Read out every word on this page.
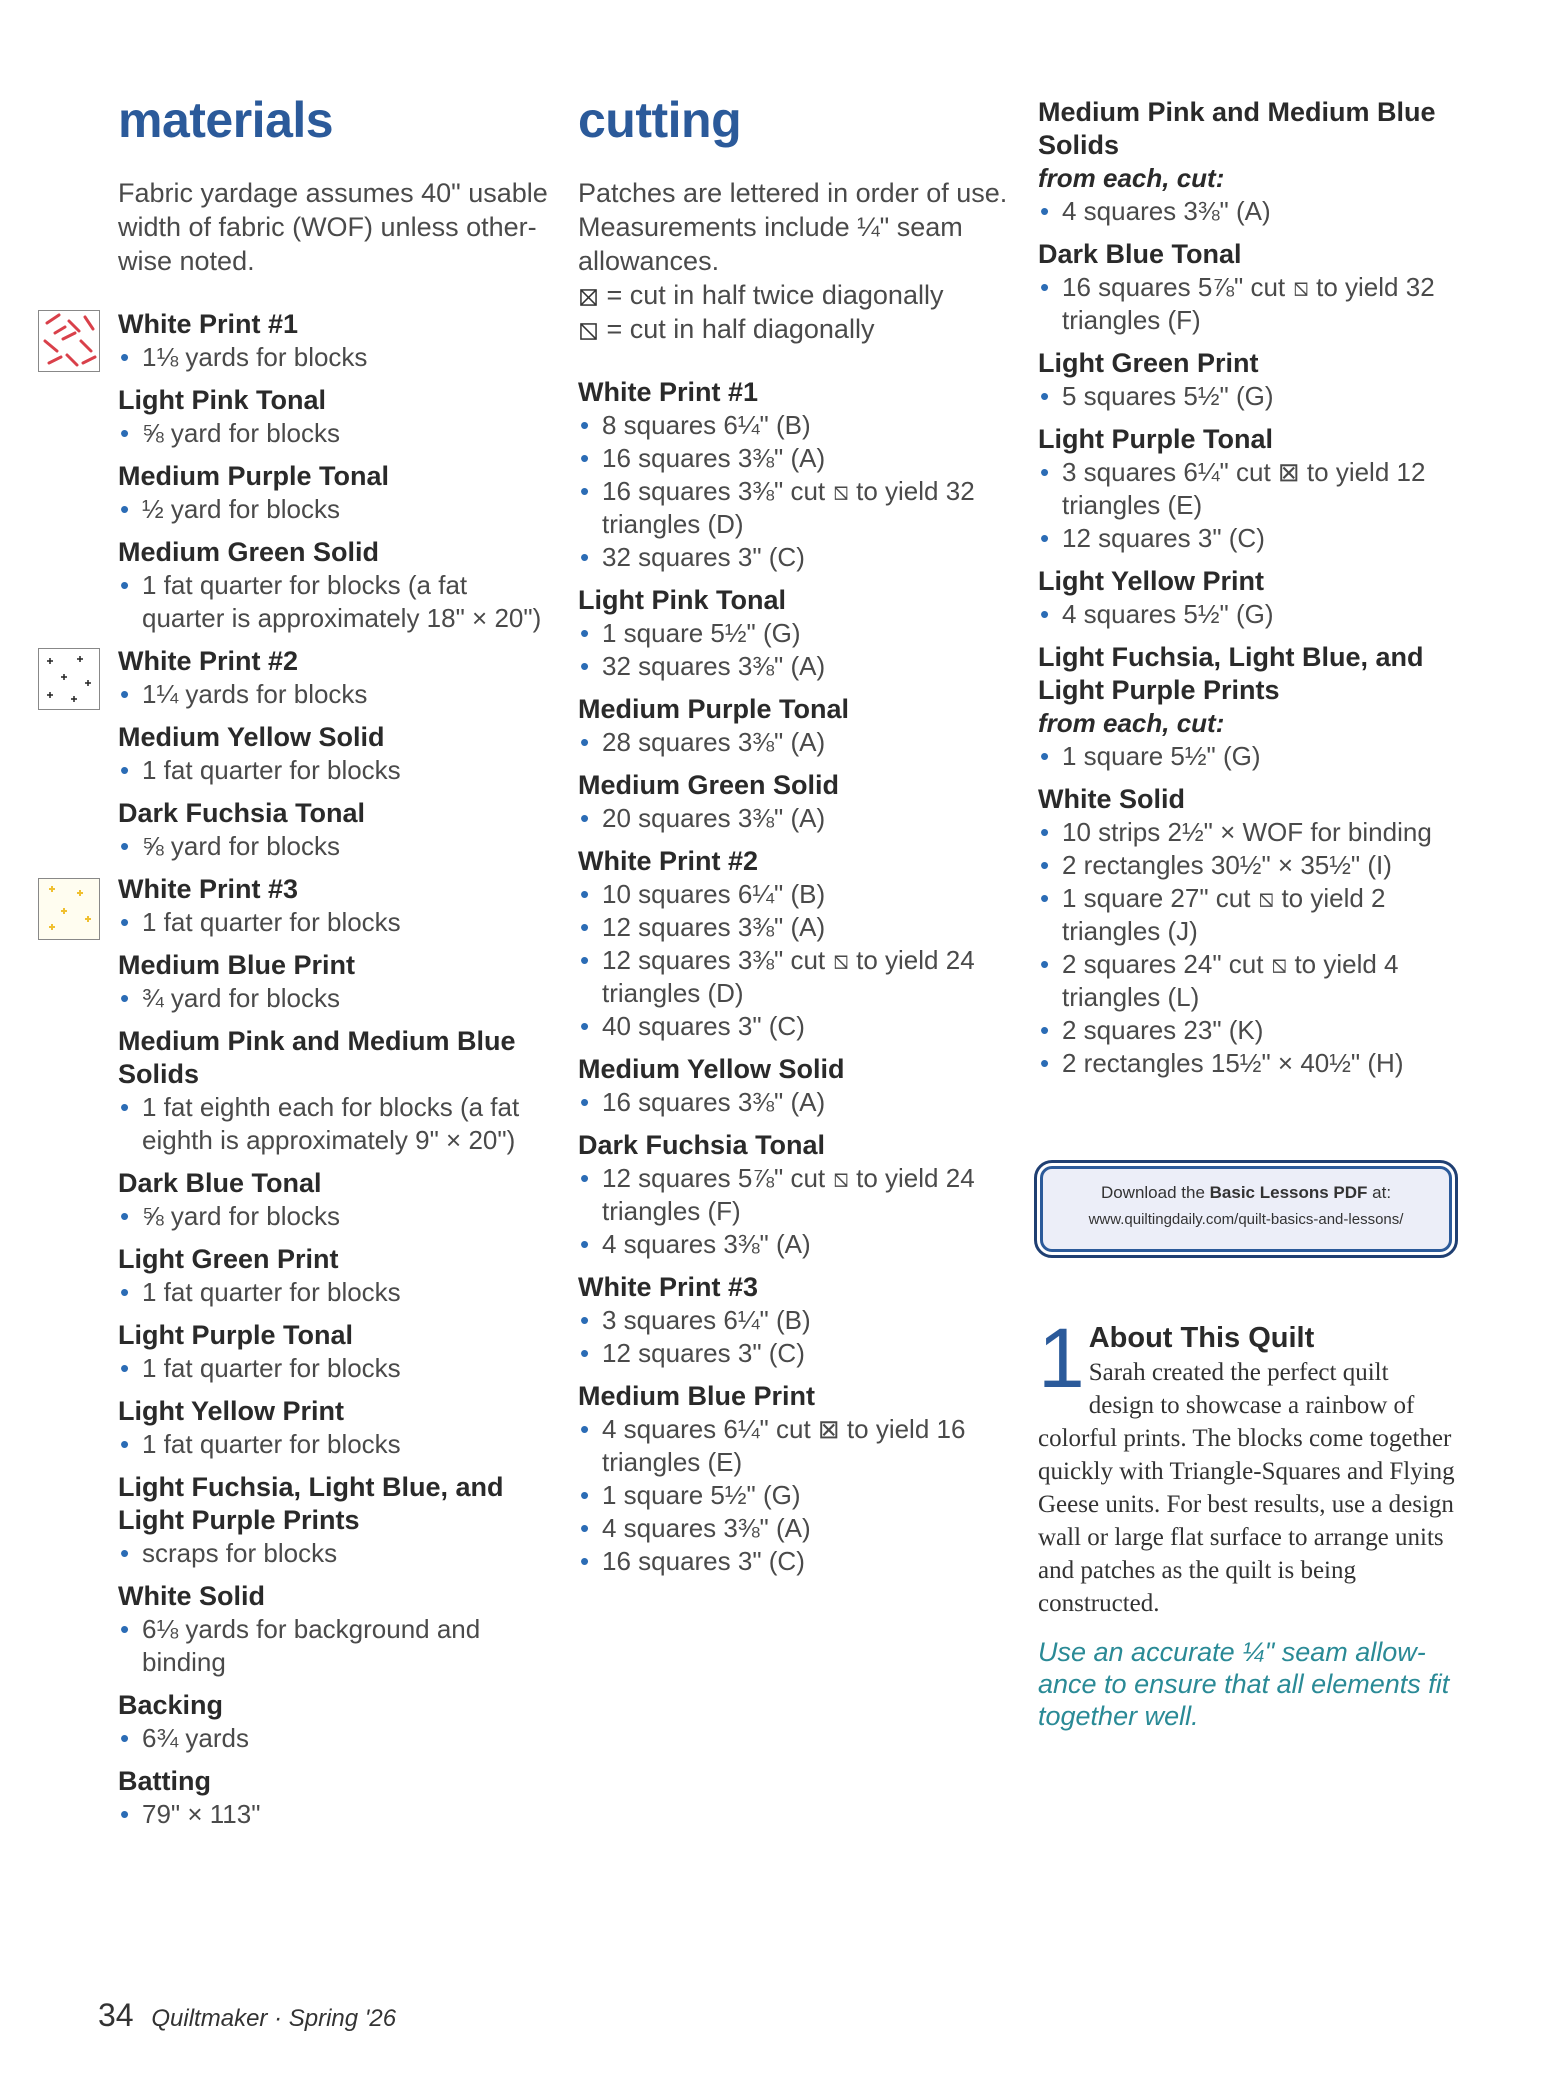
materials

Fabric yardage assumes 40" usable width of fabric (WOF) unless other-wise noted.

White Print #1
• 1⅛ yards for blocks
Light Pink Tonal
• ⅝ yard for blocks
Medium Purple Tonal
• ½ yard for blocks
Medium Green Solid
• 1 fat quarter for blocks (a fat quarter is approximately 18" × 20")
White Print #2
• 1¼ yards for blocks
Medium Yellow Solid
• 1 fat quarter for blocks
Dark Fuchsia Tonal
• ⅝ yard for blocks
White Print #3
• 1 fat quarter for blocks
Medium Blue Print
• ¾ yard for blocks
Medium Pink and Medium Blue Solids
• 1 fat eighth each for blocks (a fat eighth is approximately 9" × 20")
Dark Blue Tonal
• ⅝ yard for blocks
Light Green Print
• 1 fat quarter for blocks
Light Purple Tonal
• 1 fat quarter for blocks
Light Yellow Print
• 1 fat quarter for blocks
Light Fuchsia, Light Blue, and Light Purple Prints
• scraps for blocks
White Solid
• 6⅛ yards for background and binding
Backing
• 6¾ yards
Batting
• 79" × 113"
cutting

Patches are lettered in order of use. Measurements include ¼" seam allowances.

= cut in half twice diagonally

= cut in half diagonally

White Print #1
• 8 squares 6¼" (B)
• 16 squares 3⅜" (A)
• 16 squares 3⅜" cut ⧅ to yield 32 triangles (D)
• 32 squares 3" (C)
Light Pink Tonal
• 1 square 5½" (G)
• 32 squares 3⅜" (A)
Medium Purple Tonal
• 28 squares 3⅜" (A)
Medium Green Solid
• 20 squares 3⅜" (A)
White Print #2
• 10 squares 6¼" (B)
• 12 squares 3⅜" (A)
• 12 squares 3⅜" cut ⧅ to yield 24 triangles (D)
• 40 squares 3" (C)
Medium Yellow Solid
• 16 squares 3⅜" (A)
Dark Fuchsia Tonal
• 12 squares 5⅞" cut ⧅ to yield 24 triangles (F)
• 4 squares 3⅜" (A)
White Print #3
• 3 squares 6¼" (B)
• 12 squares 3" (C)
Medium Blue Print
• 4 squares 6¼" cut ⊠ to yield 16 triangles (E)
• 1 square 5½" (G)
• 4 squares 3⅜" (A)
• 16 squares 3" (C)
Medium Pink and Medium Blue Solids
from each, cut:
• 4 squares 3⅜" (A)
Dark Blue Tonal
• 16 squares 5⅞" cut ⧅ to yield 32 triangles (F)
Light Green Print
• 5 squares 5½" (G)
Light Purple Tonal
• 3 squares 6¼" cut ⊠ to yield 12 triangles (E)
• 12 squares 3" (C)
Light Yellow Print
• 4 squares 5½" (G)
Light Fuchsia, Light Blue, and Light Purple Prints
from each, cut:
• 1 square 5½" (G)
White Solid
• 10 strips 2½" × WOF for binding
• 2 rectangles 30½" × 35½" (I)
• 1 square 27" cut ⧅ to yield 2 triangles (J)
• 2 squares 24" cut ⧅ to yield 4 triangles (L)
• 2 squares 23" (K)
• 2 rectangles 15½" × 40½" (H)
Download the Basic Lessons PDF at:
www.quiltingdaily.com/quilt-basics-and-lessons/
1 About This Quilt
Sarah created the perfect quilt design to showcase a rainbow of colorful prints. The blocks come together quickly with Triangle-Squares and Flying Geese units. For best results, use a design wall or large flat surface to arrange units and patches as the quilt is being constructed.
Use an accurate ¼" seam allow-ance to ensure that all elements fit together well.
34 Quiltmaker · Spring '26
